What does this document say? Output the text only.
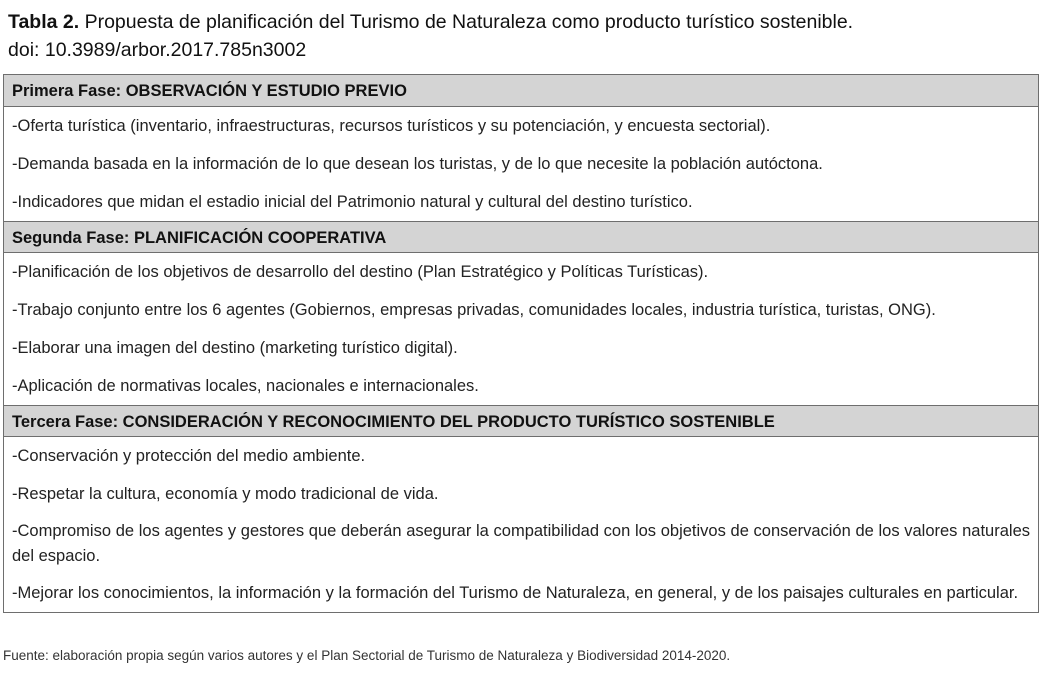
Tabla 2. Propuesta de planificación del Turismo de Naturaleza como producto turístico sostenible.
doi: 10.3989/arbor.2017.785n3002
Primera Fase: OBSERVACIÓN Y ESTUDIO PREVIO
-Oferta turística (inventario, infraestructuras, recursos turísticos y su potenciación, y encuesta sectorial).
-Demanda basada en la información de lo que desean los turistas, y de lo que necesite la población autóctona.
-Indicadores que midan el estadio inicial del Patrimonio natural y cultural del destino turístico.
Segunda Fase: PLANIFICACIÓN COOPERATIVA
-Planificación de los objetivos de desarrollo del destino (Plan Estratégico y Políticas Turísticas).
-Trabajo conjunto entre los 6 agentes (Gobiernos, empresas privadas, comunidades locales, industria turística, turistas, ONG).
-Elaborar una imagen del destino (marketing turístico digital).
-Aplicación de normativas locales, nacionales e internacionales.
Tercera Fase: CONSIDERACIÓN Y RECONOCIMIENTO DEL PRODUCTO TURÍSTICO SOSTENIBLE
-Conservación y protección del medio ambiente.
-Respetar la cultura, economía y modo tradicional de vida.
-Compromiso de los agentes y gestores que deberán asegurar la compatibilidad con los objetivos de conservación de los valores naturales del espacio.
-Mejorar los conocimientos, la información y la formación del Turismo de Naturaleza, en general, y de los paisajes culturales en particular.
Fuente: elaboración propia según varios autores y el Plan Sectorial de Turismo de Naturaleza y Biodiversidad 2014-2020.
